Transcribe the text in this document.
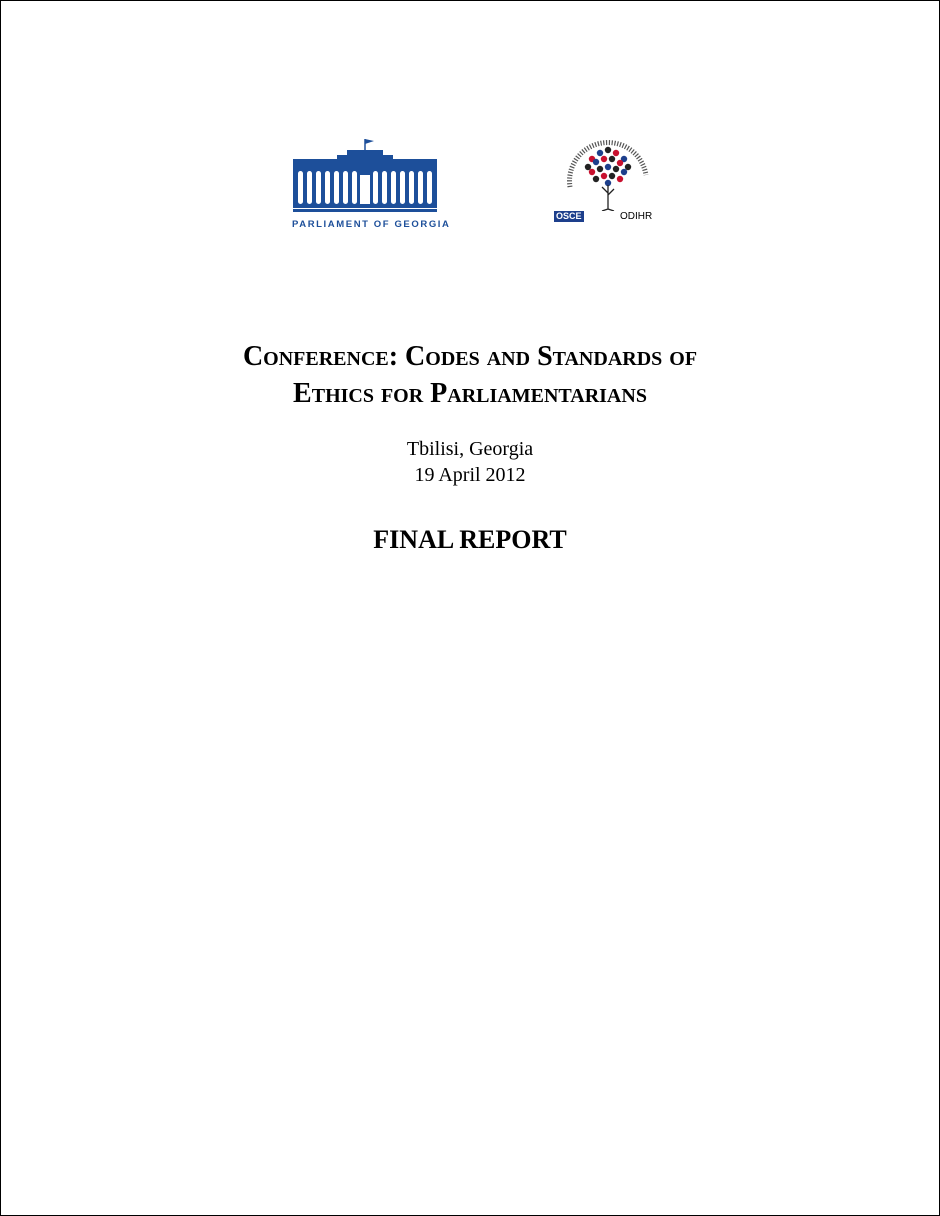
PARLIAMENT OF GEORGIA
OSCE	ODIHR
Conference: Codes and Standards of
Ethics for Parliamentarians
Tbilisi, Georgia
19 April 2012
FINAL REPORT
